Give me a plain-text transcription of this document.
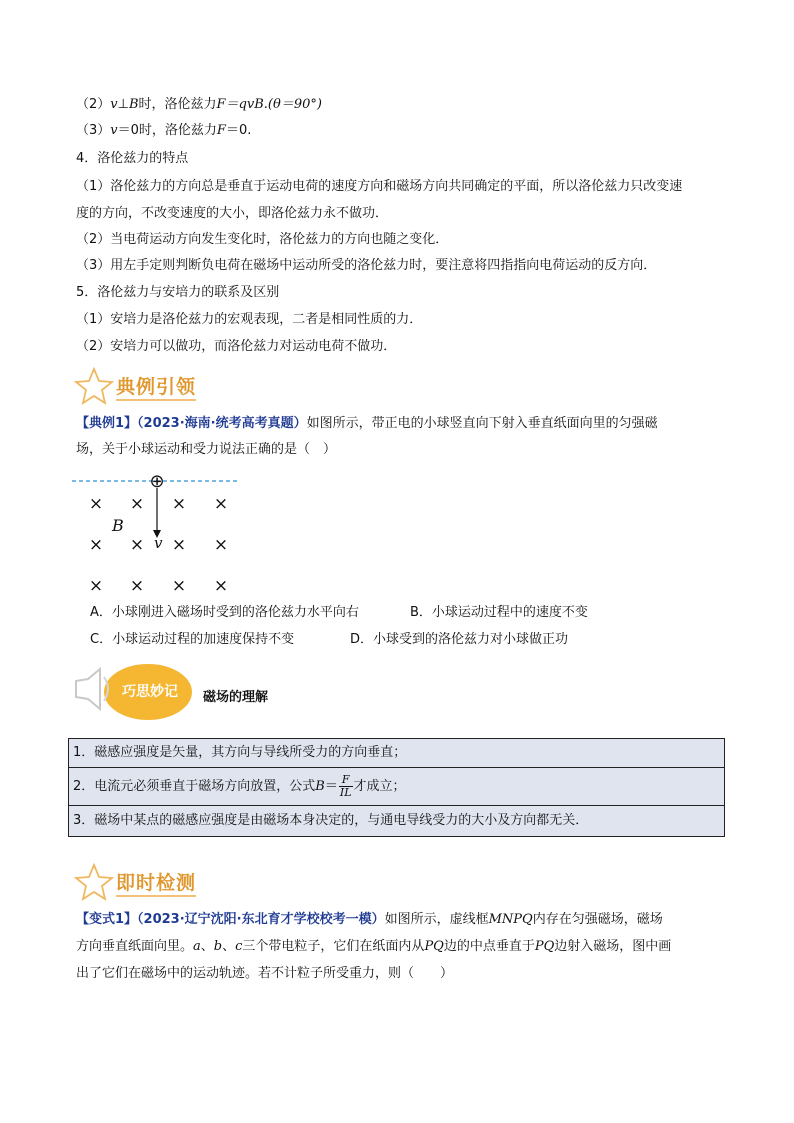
（2）v⊥B时，洛伦兹力F＝qvB.(θ＝90°)
（3）v＝0时，洛伦兹力F＝0.
4．洛伦兹力的特点
（1）洛伦兹力的方向总是垂直于运动电荷的速度方向和磁场方向共同确定的平面，所以洛伦兹力只改变速
度的方向，不改变速度的大小，即洛伦兹力永不做功．
（2）当电荷运动方向发生变化时，洛伦兹力的方向也随之变化．
（3）用左手定则判断负电荷在磁场中运动所受的洛伦兹力时，要注意将四指指向电荷运动的反方向．
5．洛伦兹力与安培力的联系及区别
（1）安培力是洛伦兹力的宏观表现，二者是相同性质的力．
（2）安培力可以做功，而洛伦兹力对运动电荷不做功．
典例引领
【典例1】（2023·海南·统考高考真题）如图所示，带正电的小球竖直向下射入垂直纸面向里的匀强磁
场，关于小球运动和受力说法正确的是（　）
× × × ×
× × × ×
× × × ×
⊕
B
v
A．小球刚进入磁场时受到的洛伦兹力水平向右	B．小球运动过程中的速度不变
C．小球运动过程的加速度保持不变	D．小球受到的洛伦兹力对小球做正功
巧思妙记 磁场的理解
1．磁感应强度是矢量，其方向与导线所受力的方向垂直；
2．电流元必须垂直于磁场方向放置，公式$B= \frac{F}{IL}$ 才成立；
3．磁场中某点的磁感应强度是由磁场本身决定的，与通电导线受力的大小及方向都无关．
即时检测
【变式1】（2023·辽宁沈阳·东北育才学校校考一模）如图所示，虚线框MNPQ内存在匀强磁场，磁场
方向垂直纸面向里。a、b、c三个带电粒子，它们在纸面内从PQ边的中点垂直于PQ边射入磁场，图中画
出了它们在磁场中的运动轨迹。若不计粒子所受重力，则（　　）
